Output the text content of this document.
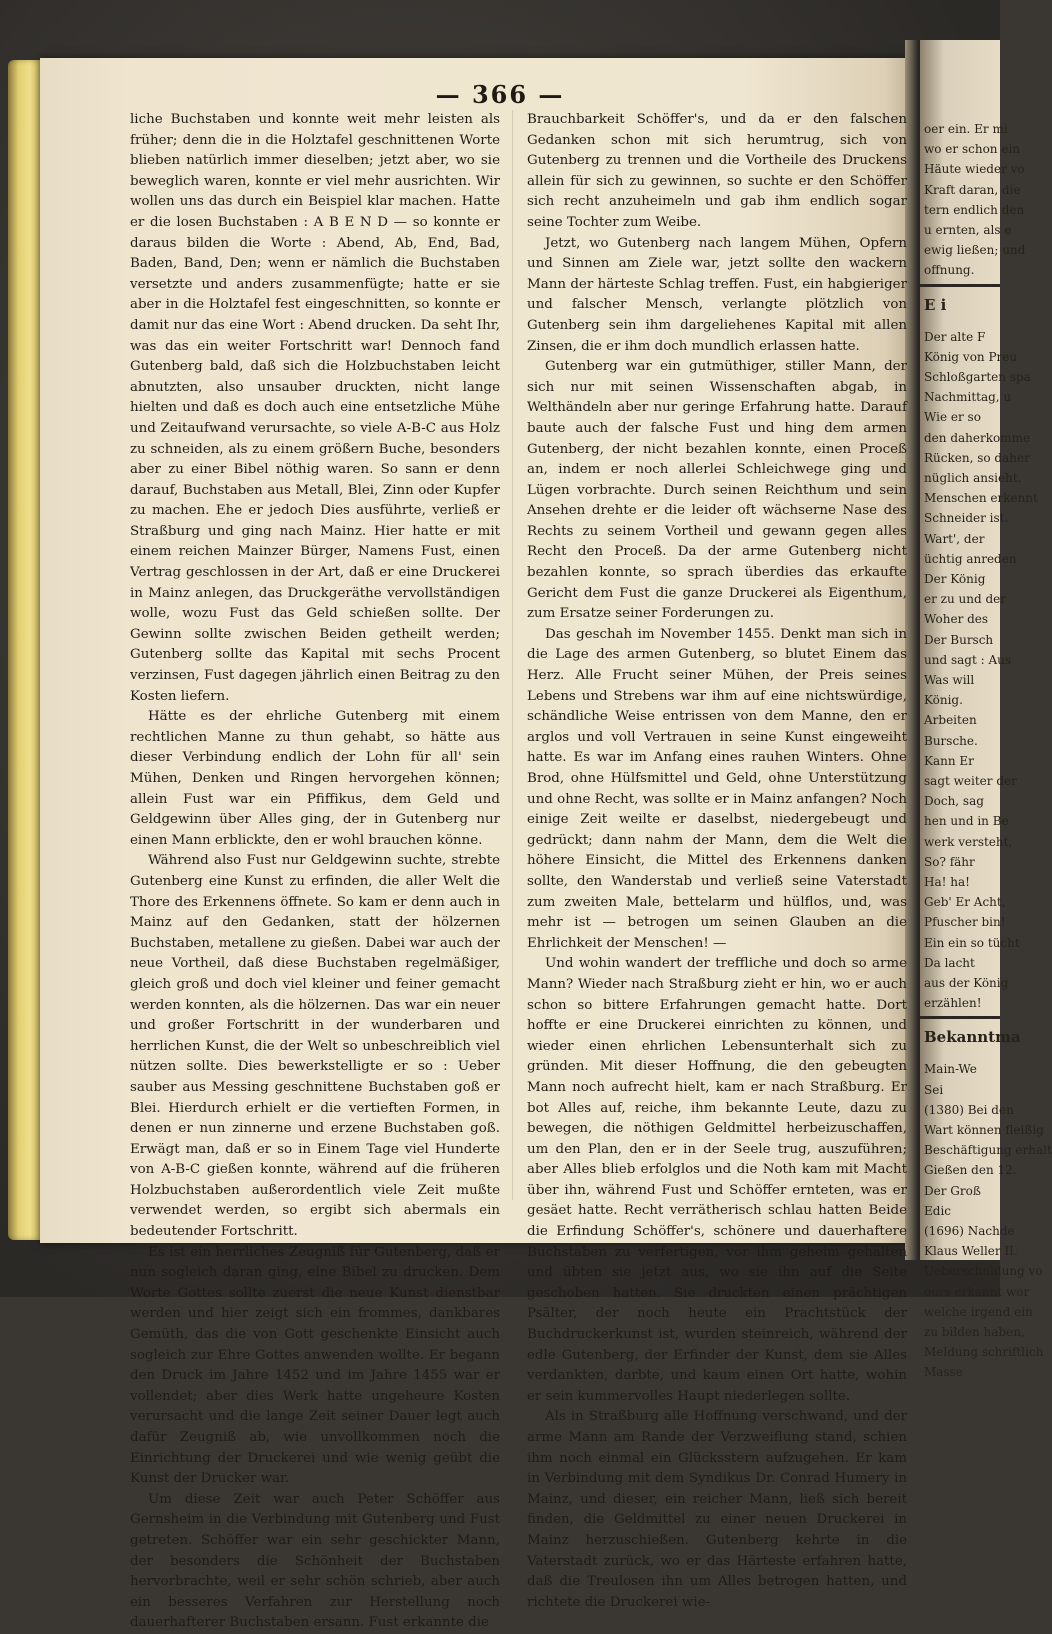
oer ein. Er mi
wo er schon ein
Häute wieder vo
Kraft daran, die
tern endlich den
u ernten, als e
ewig ließen; und
offnung.
E i
Der alte F
König von Preu
Schloßgarten spa
Nachmittag, u
Wie er so
den daherkomme
Rücken, so daher
nüglich ansieht.
Menschen erkennt
Schneider ist.
Wart', der
üchtig anreden
Der König
er zu und der
Woher des
Der Bursch
und sagt : Aus
Was will
König.
Arbeiten
Bursche.
Kann Er
sagt weiter der
Doch, sag
hen und in Be
werk versteht,
So? fähr
Ha! ha!
Geb' Er Acht,
Pfuscher bin!
Ein ein so tücht
Da lacht
aus der König
erzählen!
Bekanntma
Main-We
Sei
(1380) Bei den
Wart können fleißig
Beschäftigung erhalt
Gießen den 12.
Der Groß
Edic
(1696) Nachde
Klaus Weller II.
Ueberschuldung vo
ours erkannt wor
welche irgend ein
zu bilden haben,
Meldung schriftlich
Masse
— 366 —

liche Buchstaben und konnte weit mehr leisten als früher; denn die in die Holztafel geschnittenen Worte blieben natürlich immer dieselben; jetzt aber, wo sie beweglich waren, konnte er viel mehr ausrichten. Wir wollen uns das durch ein Beispiel klar machen. Hatte er die losen Buchstaben : A B E N D — so konnte er daraus bilden die Worte : Abend, Ab, End, Bad, Baden, Band, Den; wenn er nämlich die Buchstaben versetzte und anders zusammenfügte; hatte er sie aber in die Holztafel fest eingeschnitten, so konnte er damit nur das eine Wort : Abend drucken. Da seht Ihr, was das ein weiter Fortschritt war! Dennoch fand Gutenberg bald, daß sich die Holzbuchstaben leicht abnutzten, also unsauber druckten, nicht lange hielten und daß es doch auch eine entsetzliche Mühe und Zeitaufwand verursachte, so viele A-B-C aus Holz zu schneiden, als zu einem größern Buche, besonders aber zu einer Bibel nöthig waren. So sann er denn darauf, Buchstaben aus Metall, Blei, Zinn oder Kupfer zu machen. Ehe er jedoch Dies ausführte, verließ er Straßburg und ging nach Mainz. Hier hatte er mit einem reichen Mainzer Bürger, Namens Fust, einen Vertrag geschlossen in der Art, daß er eine Druckerei in Mainz anlegen, das Druckgeräthe vervollständigen wolle, wozu Fust das Geld schießen sollte. Der Gewinn sollte zwischen Beiden getheilt werden; Gutenberg sollte das Kapital mit sechs Procent verzinsen, Fust dagegen jährlich einen Beitrag zu den Kosten liefern.

Hätte es der ehrliche Gutenberg mit einem rechtlichen Manne zu thun gehabt, so hätte aus dieser Verbindung endlich der Lohn für all' sein Mühen, Denken und Ringen hervorgehen können; allein Fust war ein Pfiffikus, dem Geld und Geldgewinn über Alles ging, der in Gutenberg nur einen Mann erblickte, den er wohl brauchen könne.

Während also Fust nur Geldgewinn suchte, strebte Gutenberg eine Kunst zu erfinden, die aller Welt die Thore des Erkennens öffnete. So kam er denn auch in Mainz auf den Gedanken, statt der hölzernen Buchstaben, metallene zu gießen. Dabei war auch der neue Vortheil, daß diese Buchstaben regelmäßiger, gleich groß und doch viel kleiner und feiner gemacht werden konnten, als die hölzernen. Das war ein neuer und großer Fortschritt in der wunderbaren und herrlichen Kunst, die der Welt so unbeschreiblich viel nützen sollte. Dies bewerkstelligte er so : Ueber sauber aus Messing geschnittene Buchstaben goß er Blei. Hierdurch erhielt er die vertieften Formen, in denen er nun zinnerne und erzene Buchstaben goß. Erwägt man, daß er so in Einem Tage viel Hunderte von A-B-C gießen konnte, während auf die früheren Holzbuchstaben außerordentlich viele Zeit mußte verwendet werden, so ergibt sich abermals ein bedeutender Fortschritt.

Es ist ein herrliches Zeugniß für Gutenberg, daß er nun sogleich daran ging, eine Bibel zu drucken. Dem Worte Gottes sollte zuerst die neue Kunst dienstbar werden und hier zeigt sich ein frommes, dankbares Gemüth, das die von Gott geschenkte Einsicht auch sogleich zur Ehre Gottes anwenden wollte. Er begann den Druck im Jahre 1452 und im Jahre 1455 war er vollendet; aber dies Werk hatte ungeheure Kosten verursacht und die lange Zeit seiner Dauer legt auch dafür Zeugniß ab, wie unvollkommen noch die Einrichtung der Druckerei und wie wenig geübt die Kunst der Drucker war.

Um diese Zeit war auch Peter Schöffer aus Gernsheim in die Verbindung mit Gutenberg und Fust getreten. Schöffer war ein sehr geschickter Mann, der besonders die Schönheit der Buchstaben hervorbrachte, weil er sehr schön schrieb, aber auch ein besseres Verfahren zur Herstellung noch dauerhafterer Buchstaben ersann. Fust erkannte die

Brauchbarkeit Schöffer's, und da er den falschen Gedanken schon mit sich herumtrug, sich von Gutenberg zu trennen und die Vortheile des Druckens allein für sich zu gewinnen, so suchte er den Schöffer sich recht anzuheimeln und gab ihm endlich sogar seine Tochter zum Weibe.

Jetzt, wo Gutenberg nach langem Mühen, Opfern und Sinnen am Ziele war, jetzt sollte den wackern Mann der härteste Schlag treffen. Fust, ein habgieriger und falscher Mensch, verlangte plötzlich von Gutenberg sein ihm dargeliehenes Kapital mit allen Zinsen, die er ihm doch mundlich erlassen hatte.

Gutenberg war ein gutmüthiger, stiller Mann, der sich nur mit seinen Wissenschaften abgab, in Welthändeln aber nur geringe Erfahrung hatte. Darauf baute auch der falsche Fust und hing dem armen Gutenberg, der nicht bezahlen konnte, einen Proceß an, indem er noch allerlei Schleichwege ging und Lügen vorbrachte. Durch seinen Reichthum und sein Ansehen drehte er die leider oft wächserne Nase des Rechts zu seinem Vortheil und gewann gegen alles Recht den Proceß. Da der arme Gutenberg nicht bezahlen konnte, so sprach überdies das erkaufte Gericht dem Fust die ganze Druckerei als Eigenthum, zum Ersatze seiner Forderungen zu.

Das geschah im November 1455. Denkt man sich in die Lage des armen Gutenberg, so blutet Einem das Herz. Alle Frucht seiner Mühen, der Preis seines Lebens und Strebens war ihm auf eine nichtswürdige, schändliche Weise entrissen von dem Manne, den er arglos und voll Vertrauen in seine Kunst eingeweiht hatte. Es war im Anfang eines rauhen Winters. Ohne Brod, ohne Hülfsmittel und Geld, ohne Unterstützung und ohne Recht, was sollte er in Mainz anfangen? Noch einige Zeit weilte er daselbst, niedergebeugt und gedrückt; dann nahm der Mann, dem die Welt die höhere Einsicht, die Mittel des Erkennens danken sollte, den Wanderstab und verließ seine Vaterstadt zum zweiten Male, bettelarm und hülflos, und, was mehr ist — betrogen um seinen Glauben an die Ehrlichkeit der Menschen! —

Und wohin wandert der treffliche und doch so arme Mann? Wieder nach Straßburg zieht er hin, wo er auch schon so bittere Erfahrungen gemacht hatte. Dort hoffte er eine Druckerei einrichten zu können, und wieder einen ehrlichen Lebensunterhalt sich zu gründen. Mit dieser Hoffnung, die den gebeugten Mann noch aufrecht hielt, kam er nach Straßburg. Er bot Alles auf, reiche, ihm bekannte Leute, dazu zu bewegen, die nöthigen Geldmittel herbeizuschaffen, um den Plan, den er in der Seele trug, auszuführen; aber Alles blieb erfolglos und die Noth kam mit Macht über ihn, während Fust und Schöffer ernteten, was er gesäet hatte. Recht verrätherisch schlau hatten Beide die Erfindung Schöffer's, schönere und dauerhaftere Buchstaben zu verfertigen, vor ihm geheim gehalten und übten sie jetzt aus, wo sie ihn auf die Seite geschoben hatten. Sie druckten einen prächtigen Psälter, der noch heute ein Prachtstück der Buchdruckerkunst ist, wurden steinreich, während der edle Gutenberg, der Erfinder der Kunst, dem sie Alles verdankten, darbte, und kaum einen Ort hatte, wohin er sein kummervolles Haupt niederlegen sollte.

Als in Straßburg alle Hoffnung verschwand, und der arme Mann am Rande der Verzweiflung stand, schien ihm noch einmal ein Glücksstern aufzugehen. Er kam in Verbindung mit dem Syndikus Dr. Conrad Humery in Mainz, und dieser, ein reicher Mann, ließ sich bereit finden, die Geldmittel zu einer neuen Druckerei in Mainz herzuschießen. Gutenberg kehrte in die Vaterstadt zurück, wo er das Härteste erfahren hatte, daß die Treulosen ihn um Alles betrogen hatten, und richtete die Druckerei wie-
